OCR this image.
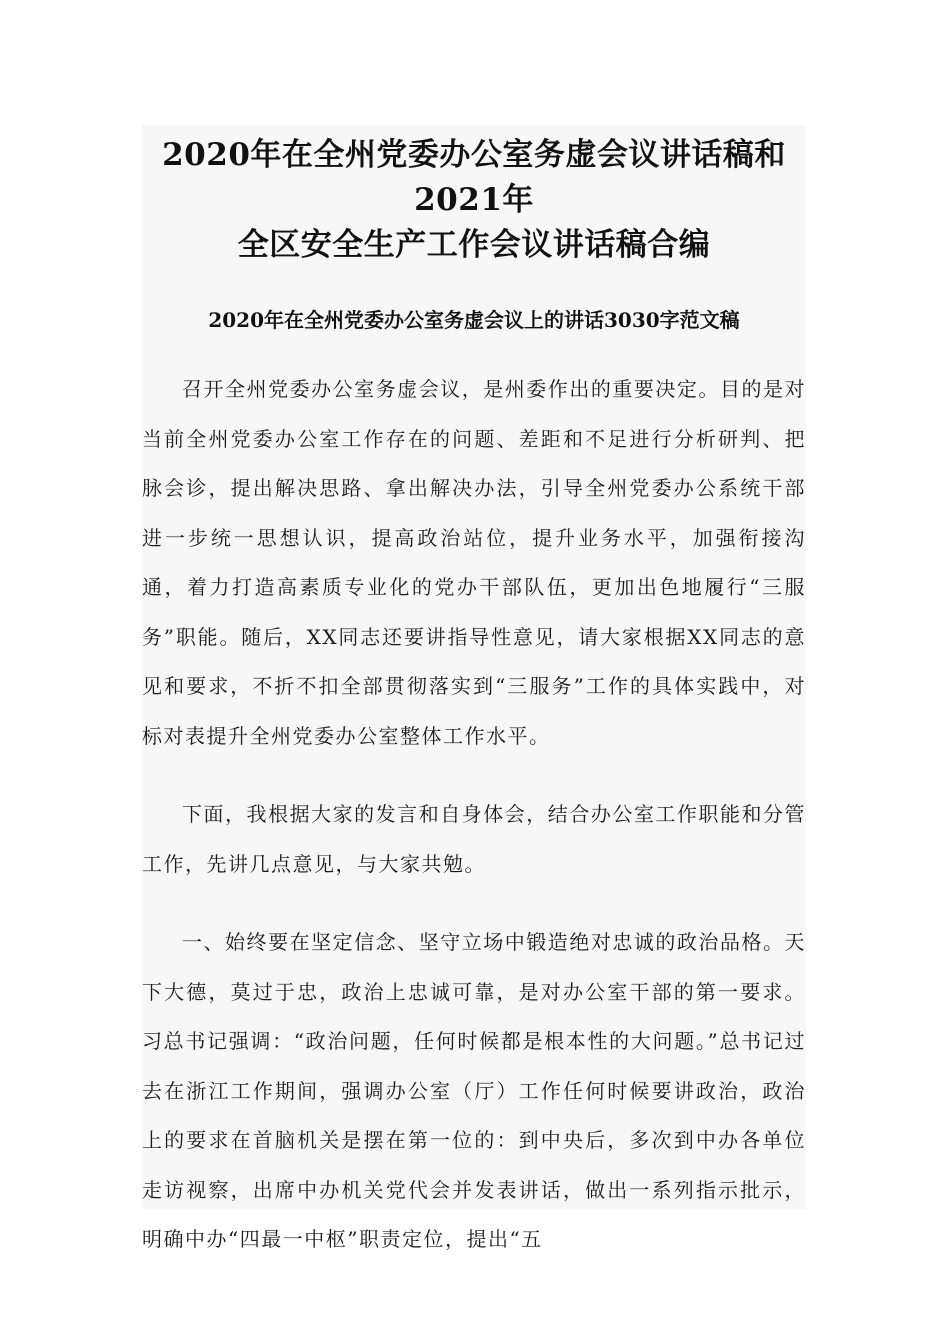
2020年在全州党委办公室务虚会议讲话稿和2021年
全区安全生产工作会议讲话稿合编
2020年在全州党委办公室务虚会议上的讲话3030字范文稿

召开全州党委办公室务虚会议，是州委作出的重要决定。目的是对当前全州党委办公室工作存在的问题、差距和不足进行分析研判、把脉会诊，提出解决思路、拿出解决办法，引导全州党委办公系统干部进一步统一思想认识，提高政治站位，提升业务水平，加强衔接沟通，着力打造高素质专业化的党办干部队伍，更加出色地履行“三服务”职能。随后，XX同志还要讲指导性意见，请大家根据XX同志的意见和要求，不折不扣全部贯彻落实到“三服务”工作的具体实践中，对标对表提升全州党委办公室整体工作水平。

下面，我根据大家的发言和自身体会，结合办公室工作职能和分管工作，先讲几点意见，与大家共勉。

一、始终要在坚定信念、坚守立场中锻造绝对忠诚的政治品格。天下大德，莫过于忠，政治上忠诚可靠，是对办公室干部的第一要求。习总书记强调：“政治问题，任何时候都是根本性的大问题。”总书记过去在浙江工作期间，强调办公室（厅）工作任何时候要讲政治，政治上的要求在首脑机关是摆在第一位的：到中央后，多次到中办各单位走访视察，出席中办机关党代会并发表讲话，做出一系列指示批示，明确中办“四最一中枢”职责定位，提出“五
